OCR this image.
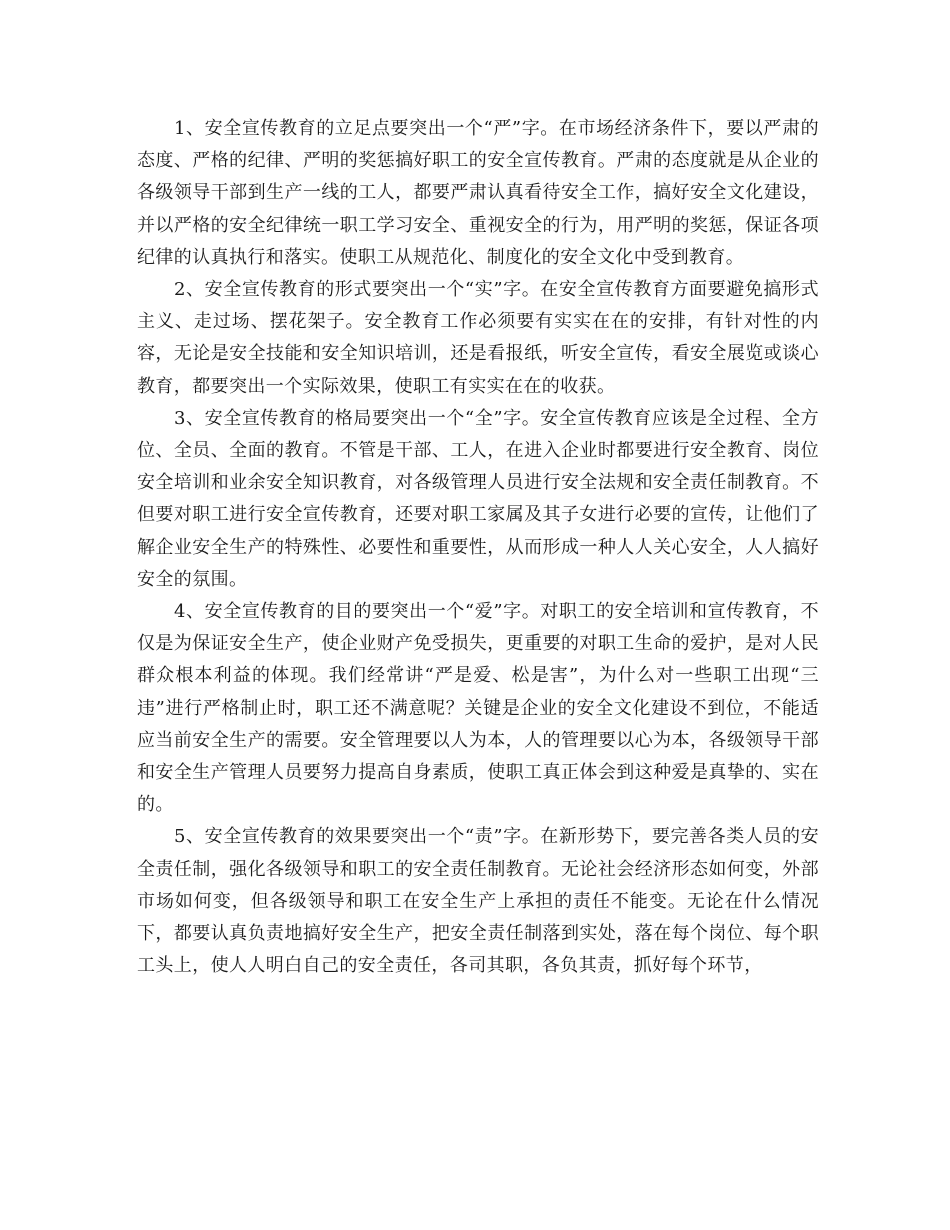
1、安全宣传教育的立足点要突出一个“严”字。在市场经济条件下，要以严肃的态度、严格的纪律、严明的奖惩搞好职工的安全宣传教育。严肃的态度就是从企业的各级领导干部到生产一线的工人，都要严肃认真看待安全工作，搞好安全文化建设，并以严格的安全纪律统一职工学习安全、重视安全的行为，用严明的奖惩，保证各项纪律的认真执行和落实。使职工从规范化、制度化的安全文化中受到教育。

2、安全宣传教育的形式要突出一个“实”字。在安全宣传教育方面要避免搞形式主义、走过场、摆花架子。安全教育工作必须要有实实在在的安排，有针对性的内容，无论是安全技能和安全知识培训，还是看报纸，听安全宣传，看安全展览或谈心教育，都要突出一个实际效果，使职工有实实在在的收获。

3、安全宣传教育的格局要突出一个“全”字。安全宣传教育应该是全过程、全方位、全员、全面的教育。不管是干部、工人，在进入企业时都要进行安全教育、岗位安全培训和业余安全知识教育，对各级管理人员进行安全法规和安全责任制教育。不但要对职工进行安全宣传教育，还要对职工家属及其子女进行必要的宣传，让他们了解企业安全生产的特殊性、必要性和重要性，从而形成一种人人关心安全，人人搞好安全的氛围。

4、安全宣传教育的目的要突出一个“爱”字。对职工的安全培训和宣传教育，不仅是为保证安全生产，使企业财产免受损失，更重要的对职工生命的爱护，是对人民群众根本利益的体现。我们经常讲“严是爱、松是害”，为什么对一些职工出现“三违”进行严格制止时，职工还不满意呢？关键是企业的安全文化建设不到位，不能适应当前安全生产的需要。安全管理要以人为本，人的管理要以心为本，各级领导干部和安全生产管理人员要努力提高自身素质，使职工真正体会到这种爱是真挚的、实在的。

5、安全宣传教育的效果要突出一个“责”字。在新形势下，要完善各类人员的安全责任制，强化各级领导和职工的安全责任制教育。无论社会经济形态如何变，外部市场如何变，但各级领导和职工在安全生产上承担的责任不能变。无论在什么情况下，都要认真负责地搞好安全生产，把安全责任制落到实处，落在每个岗位、每个职工头上，使人人明白自己的安全责任，各司其职，各负其责，抓好每个环节，
